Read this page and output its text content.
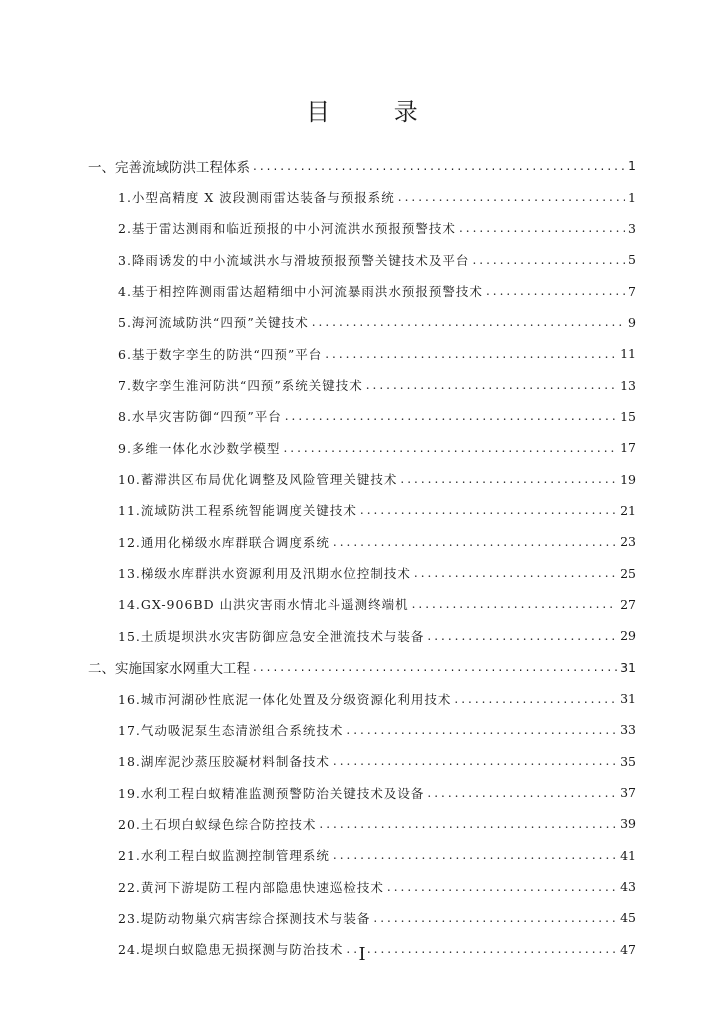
目 录
一、完善流域防洪工程体系 .....	1
1.小型高精度 X 波段测雨雷达装备与预报系统 .....	1
2.基于雷达测雨和临近预报的中小河流洪水预报预警技术 .....	3
3.降雨诱发的中小流域洪水与滑坡预报预警关键技术及平台 .....	5
4.基于相控阵测雨雷达超精细中小河流暴雨洪水预报预警技术 .....	7
5.海河流域防洪“四预”关键技术 .....	9
6.基于数字孪生的防洪“四预”平台 .....	11
7.数字孪生淮河防洪“四预”系统关键技术 .....	13
8.水旱灾害防御“四预”平台 .....	15
9.多维一体化水沙数学模型 .....	17
10.蓄滞洪区布局优化调整及风险管理关键技术 .....	19
11.流域防洪工程系统智能调度关键技术 .....	21
12.通用化梯级水库群联合调度系统 .....	23
13.梯级水库群洪水资源利用及汛期水位控制技术 .....	25
14.GX-906BD 山洪灾害雨水情北斗遥测终端机 .....	27
15.土质堤坝洪水灾害防御应急安全泄流技术与装备 .....	29
二、实施国家水网重大工程 .....	31
16.城市河湖砂性底泥一体化处置及分级资源化利用技术 .....	31
17.气动吸泥泵生态清淤组合系统技术 .....	33
18.湖库泥沙蒸压胶凝材料制备技术 .....	35
19.水利工程白蚁精准监测预警防治关键技术及设备 .....	37
20.土石坝白蚁绿色综合防控技术 .....	39
21.水利工程白蚁监测控制管理系统 .....	41
22.黄河下游堤防工程内部隐患快速巡检技术 .....	43
23.堤防动物巢穴病害综合探测技术与装备 .....	45
24.堤坝白蚁隐患无损探测与防治技术 .....	47
I
